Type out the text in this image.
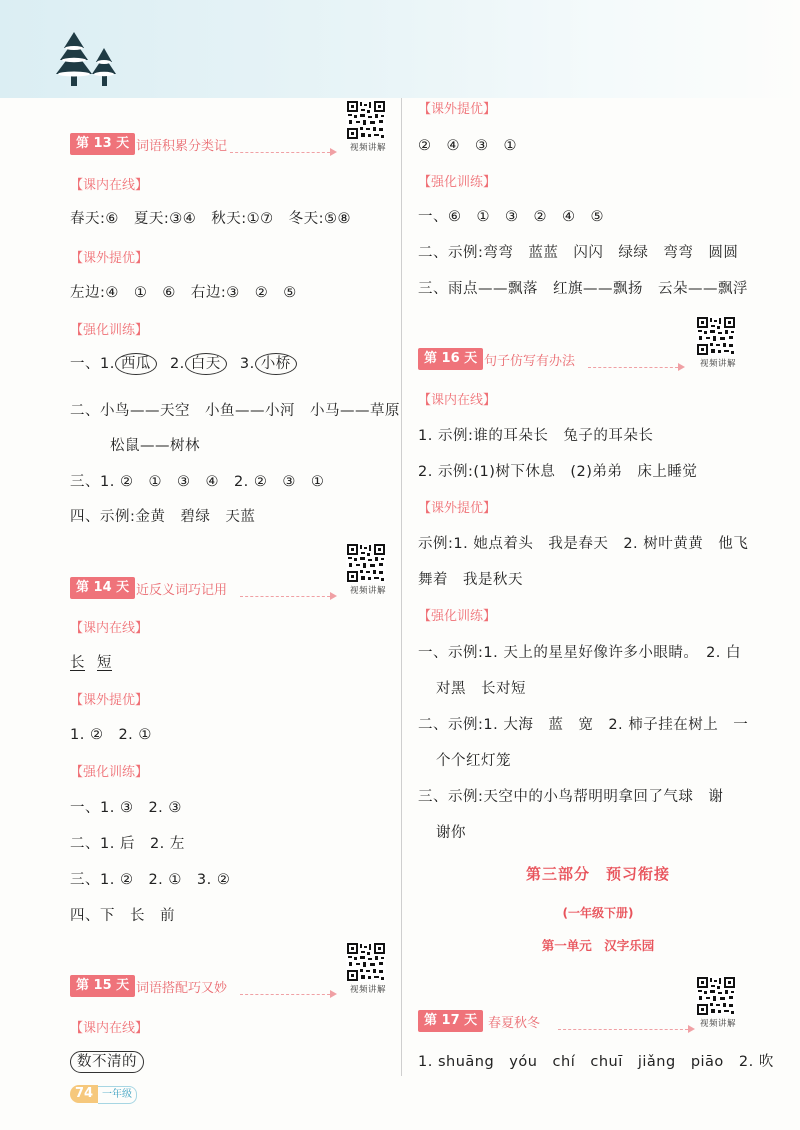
第 13 天 词语积累分类记	视频讲解
【课内在线】
春天:⑥　夏天:③④　秋天:①⑦　冬天:⑤⑧
【课外提优】
左边:④　①　⑥　右边:③　②　⑤
【强化训练】
一、1. 西瓜 2. 白天 3. 小桥
二、小鸟——天空　小鱼——小河　小马——草原
松鼠——树林
三、1. ②　①　③　④　2. ②　③　①
四、示例:金黄　碧绿　天蓝
第 14 天 近反义词巧记用	视频讲解
【课内在线】
长 短
【课外提优】
1. ②　2. ①
【强化训练】
一、1. ③　2. ③
二、1. 后　2. 左
三、1. ②　2. ①　3. ②
四、下　长　前
第 15 天 词语搭配巧又妙	视频讲解
【课内在线】
数不清的
74 一年级
【课外提优】
②　④　③　①
【强化训练】
一、⑥　①　③　②　④　⑤
二、示例:弯弯　蓝蓝　闪闪　绿绿　弯弯　圆圆
三、雨点——飘落　红旗——飘扬　云朵——飘浮
第 16 天 句子仿写有办法	视频讲解
【课内在线】
1. 示例:谁的耳朵长　兔子的耳朵长
2. 示例:(1)树下休息　(2)弟弟　床上睡觉
【课外提优】
示例:1. 她点着头　我是春天　2. 树叶黄黄　他飞
舞着　我是秋天
【强化训练】
一、示例:1. 天上的星星好像许多小眼睛。　2. 白
对黑　长对短
二、示例:1. 大海　蓝　宽　2. 柿子挂在树上　一
个个红灯笼
三、示例:天空中的小鸟帮明明拿回了气球　谢
谢你
第三部分　预习衔接
(一年级下册)
第一单元　汉字乐园
第 17 天 春夏秋冬	视频讲解
1. shuāng yóu chí chuī jiǎng piāo 2. 吹
